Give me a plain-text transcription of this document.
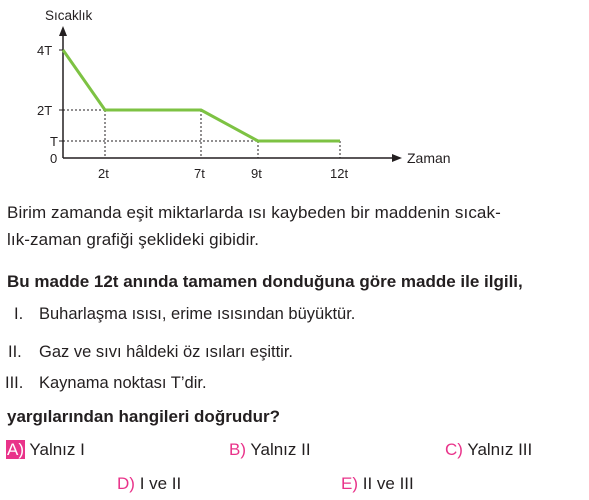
Sıcaklık
Zaman
4T
2T
T
0
2t	7t	9t	12t
Birim zamanda eşit miktarlarda ısı kaybeden bir maddenin sıcak-
lık-zaman grafiği şeklideki gibidir.
Bu madde 12t anında tamamen donduğuna göre madde ile ilgili,
I. Buharlaşma ısısı, erime ısısından büyüktür.
II. Gaz ve sıvı hâldeki öz ısıları eşittir.
III. Kaynama noktası T’dir.
yargılarından hangileri doğrudur?
A) Yalnız I	B) Yalnız II	C) Yalnız III
D) I ve II	E) II ve III
